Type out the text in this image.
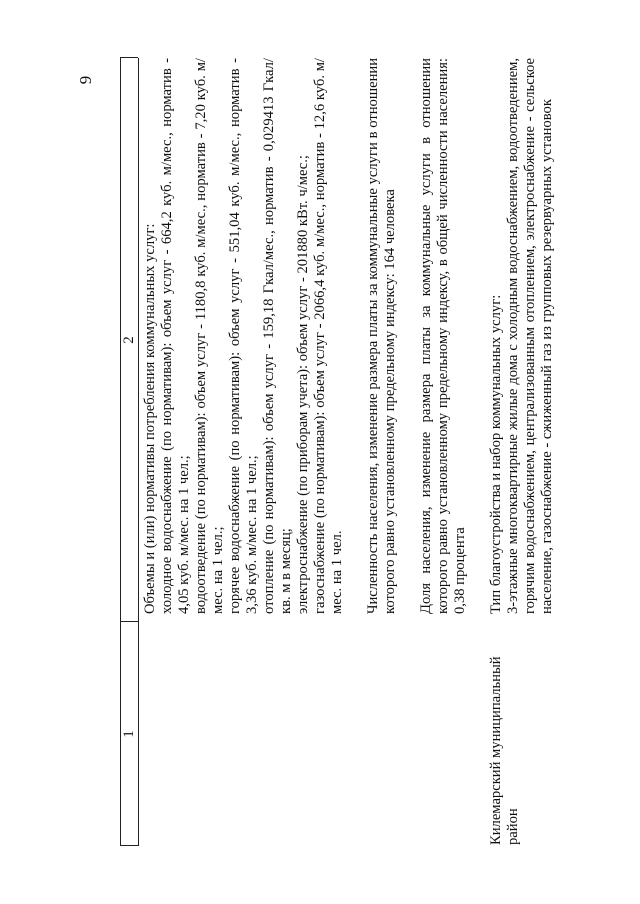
9
1
2 Объемы и (или) нормативы потребления коммунальных услуг: холодное водоснабжение (по нормативам): объем услуг - 664,2 куб. м/мес., норматив - 4,05 куб. м/мес. на 1 чел.; водоотведение (по нормативам): объем услуг - 1180,8 куб. м/мес., норматив - 7,20 куб. м/мес. на 1 чел.; горячее водоснабжение (по нормативам): объем услуг - 551,04 куб. м/мес., норматив - 3,36 куб. м/мес. на 1 чел.; отопление (по нормативам): объем услуг - 159,18 Гкал/мес., норматив - 0,029413 Гкал/кв. м в месяц; электроснабжение (по приборам учета): объем услуг - 201880 кВт. ч/мес.; газоснабжение (по нормативам): объем услуг - 2066,4 куб. м/мес., норматив - 12,6 куб. м/мес. на 1 чел. Численность населения, изменение размера платы за коммунальные услуги в отношении которого равно установленному предельному индексу: 164 человека Доля населения, изменение размера платы за коммунальные услуги в отношении которого равно установленному предельному индексу, в общей численности населения: 0,38 процента

Килемарский муниципальный район

Тип благоустройства и набор коммунальных услуг: 3-этажные многоквартирные жилые дома с холодным водоснабжением, водоотведением, горячим водоснабжением, централизованным отоплением, электроснабжение - сельское население, газоснабжение - сжиженный газ из групповых резервуарных установок
